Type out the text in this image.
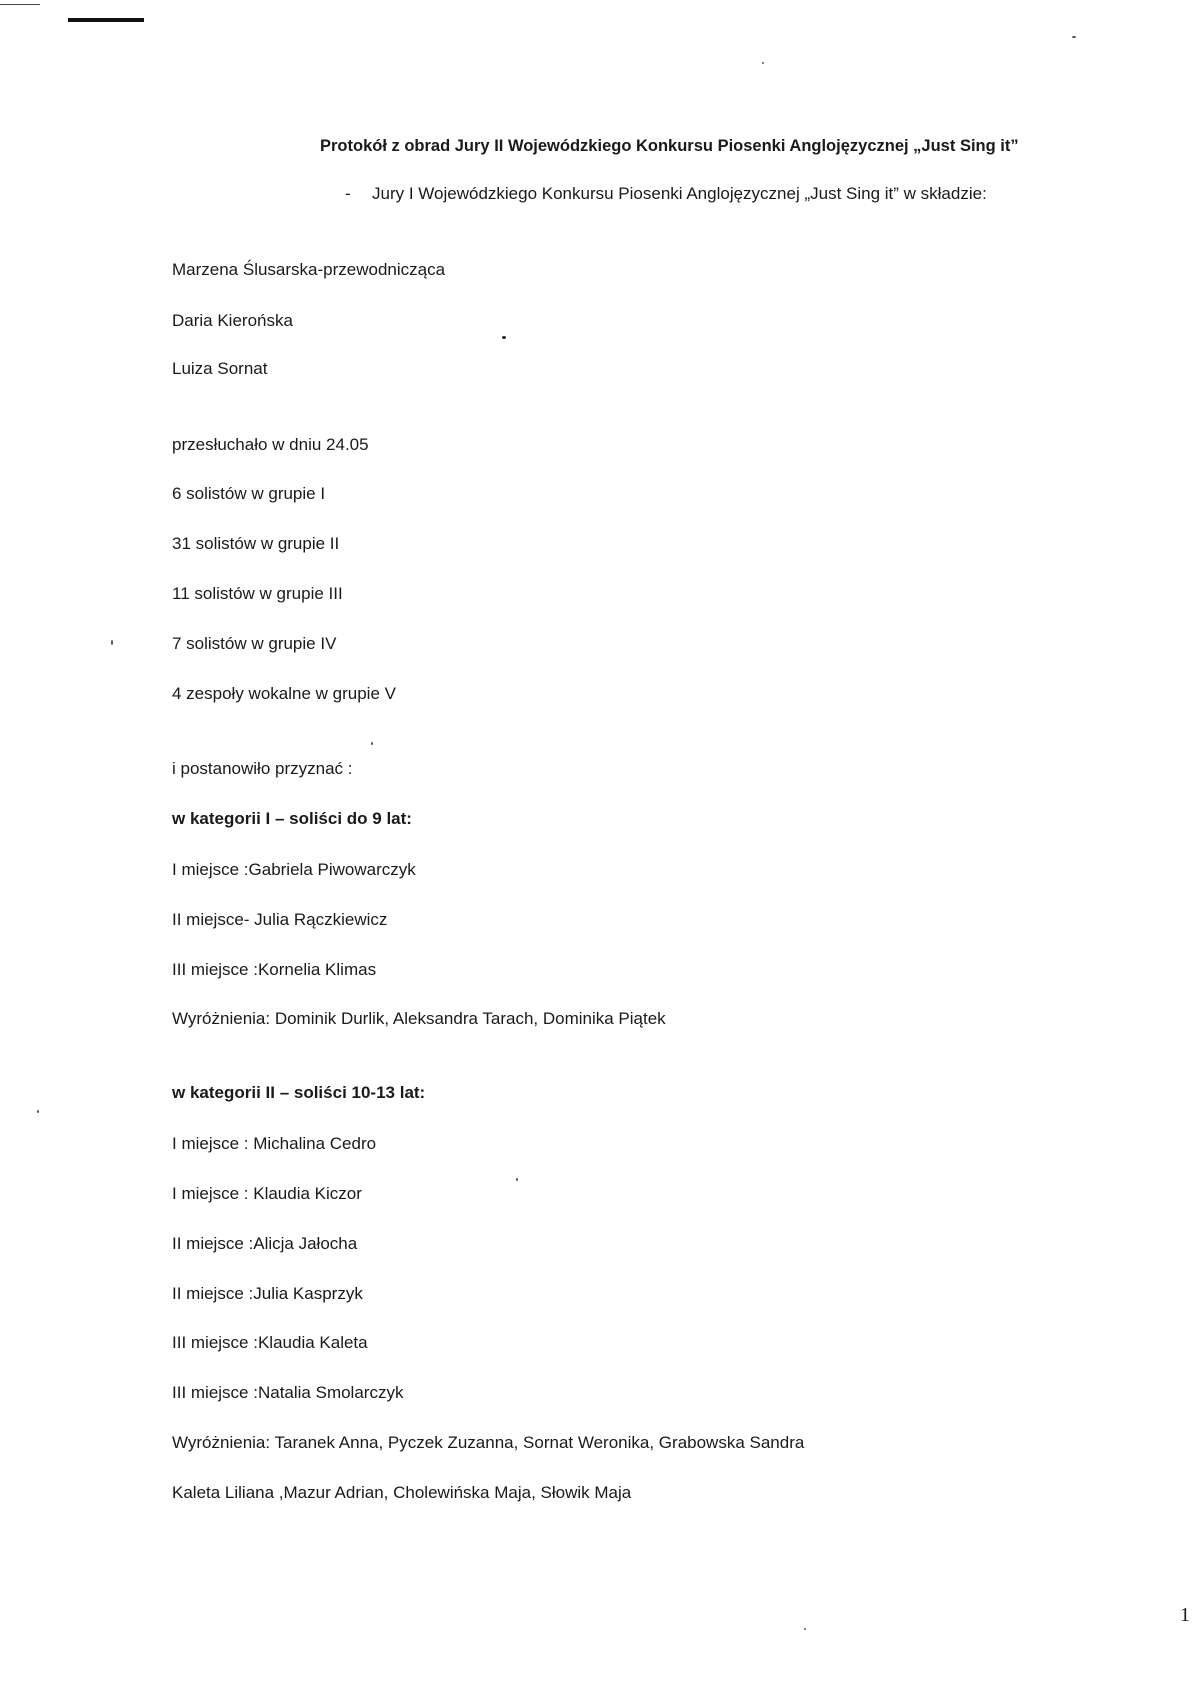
Protokół z obrad Jury II Wojewódzkiego Konkursu Piosenki Anglojęzycznej „Just Sing it”
- Jury I Wojewódzkiego Konkursu Piosenki Anglojęzycznej „Just Sing it” w składzie:
Marzena Ślusarska-przewodnicząca
Daria Kierońska
Luiza Sornat
przesłuchało w dniu 24.05
6 solistów w grupie I
31 solistów w grupie II
11 solistów w grupie III
7 solistów w grupie IV
4 zespoły wokalne w grupie V
i postanowiło przyznać :
w kategorii I – soliści do 9 lat:
I miejsce :Gabriela Piwowarczyk
II miejsce- Julia Rączkiewicz
III miejsce :Kornelia Klimas
Wyróżnienia: Dominik Durlik, Aleksandra Tarach, Dominika Piątek
w kategorii II – soliści 10-13 lat:
I miejsce : Michalina Cedro
I miejsce : Klaudia Kiczor
II miejsce :Alicja Jałocha
II miejsce :Julia Kasprzyk
III miejsce :Klaudia Kaleta
III miejsce :Natalia Smolarczyk
Wyróżnienia: Taranek Anna, Pyczek Zuzanna, Sornat Weronika, Grabowska Sandra
Kaleta Liliana ,Mazur Adrian, Cholewińska Maja, Słowik Maja
1
